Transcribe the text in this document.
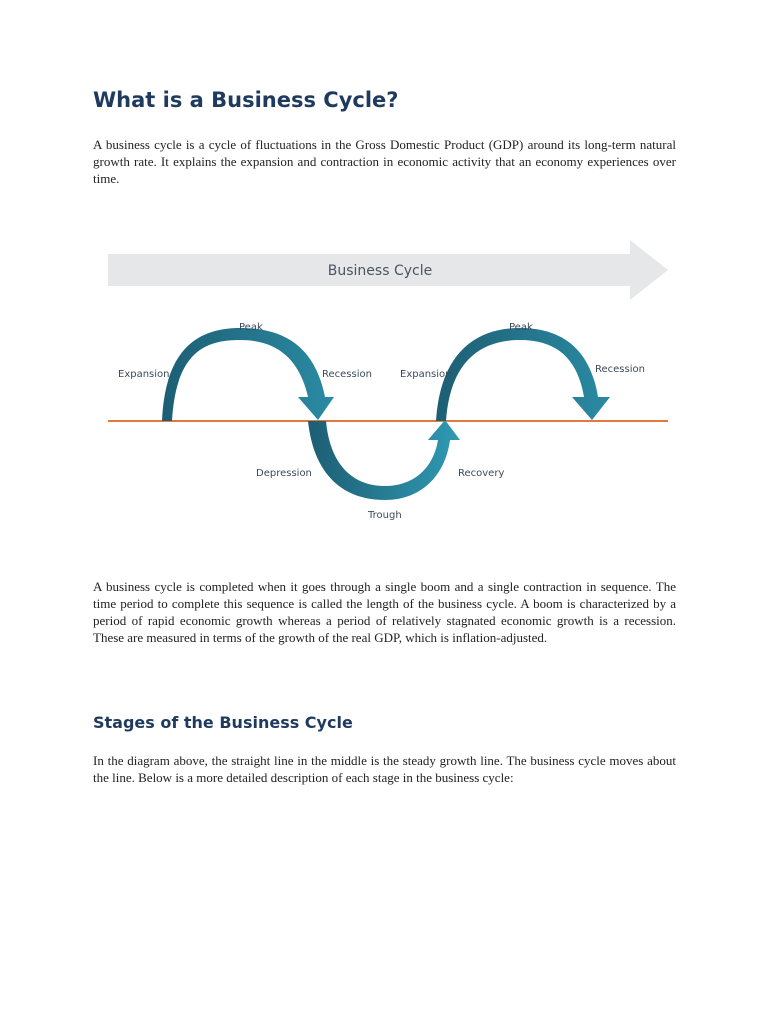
What is a Business Cycle?

A business cycle is a cycle of fluctuations in the Gross Domestic Product (GDP) around its long-term natural growth rate. It explains the expansion and contraction in economic activity that an economy experiences over time.

Business Cycle
Expansion
Peak
Recession
Depression
Trough
Recovery
Expansion
Peak
Recession

A business cycle is completed when it goes through a single boom and a single contraction in sequence. The time period to complete this sequence is called the length of the business cycle. A boom is characterized by a period of rapid economic growth whereas a period of relatively stagnated economic growth is a recession. These are measured in terms of the growth of the real GDP, which is inflation-adjusted.

Stages of the Business Cycle

In the diagram above, the straight line in the middle is the steady growth line. The business cycle moves about the line. Below is a more detailed description of each stage in the business cycle:
